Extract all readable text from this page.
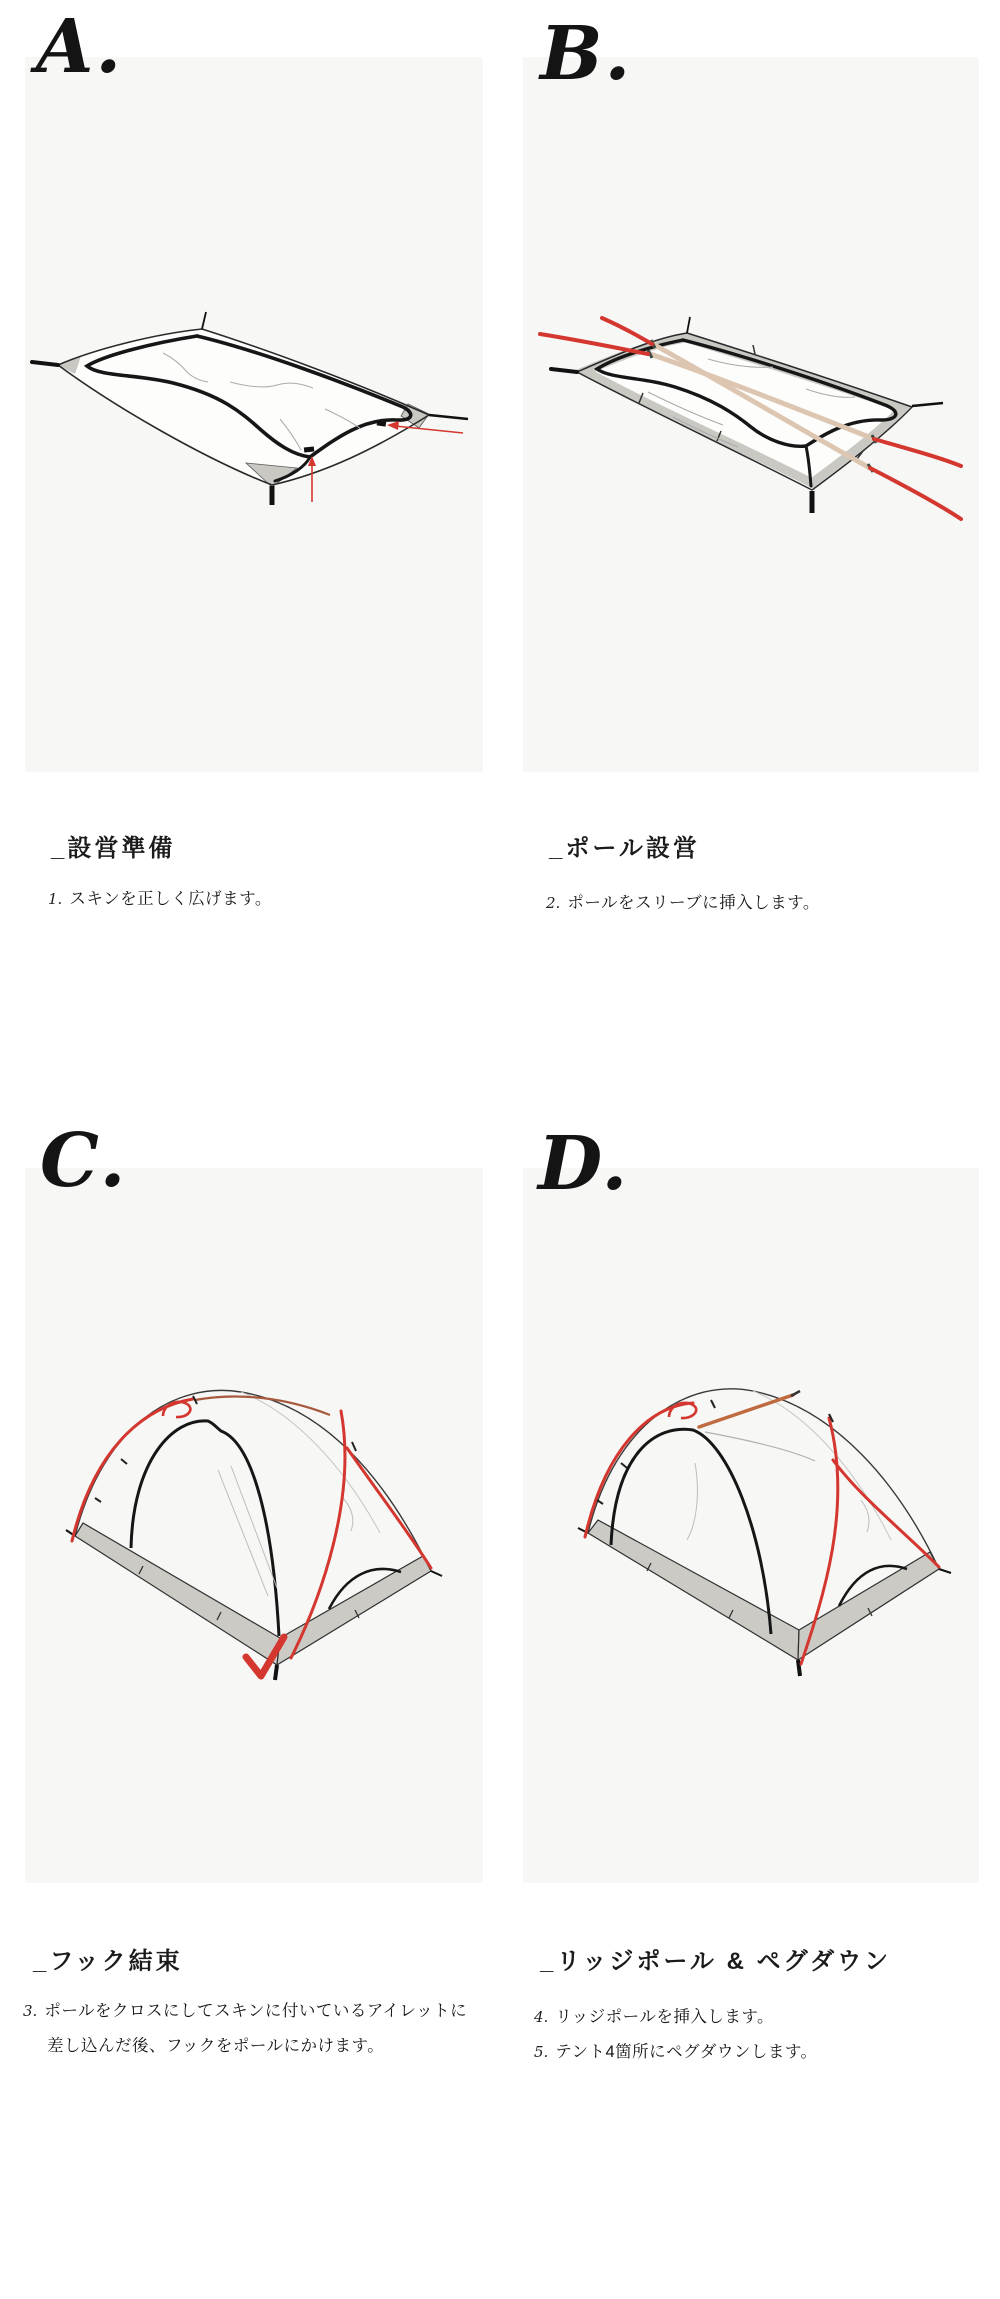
A.
_設営準備
1. スキンを正しく広げます。
B.
_ポール設営
2. ポールをスリーブに挿入します。
C.
_フック結束
3. ポールをクロスにしてスキンに付いているアイレットに差し込んだ後、フックをポールにかけます。
D.
_リッジポール & ペグダウン
4. リッジポールを挿入します。
5. テント4箇所にペグダウンします。
